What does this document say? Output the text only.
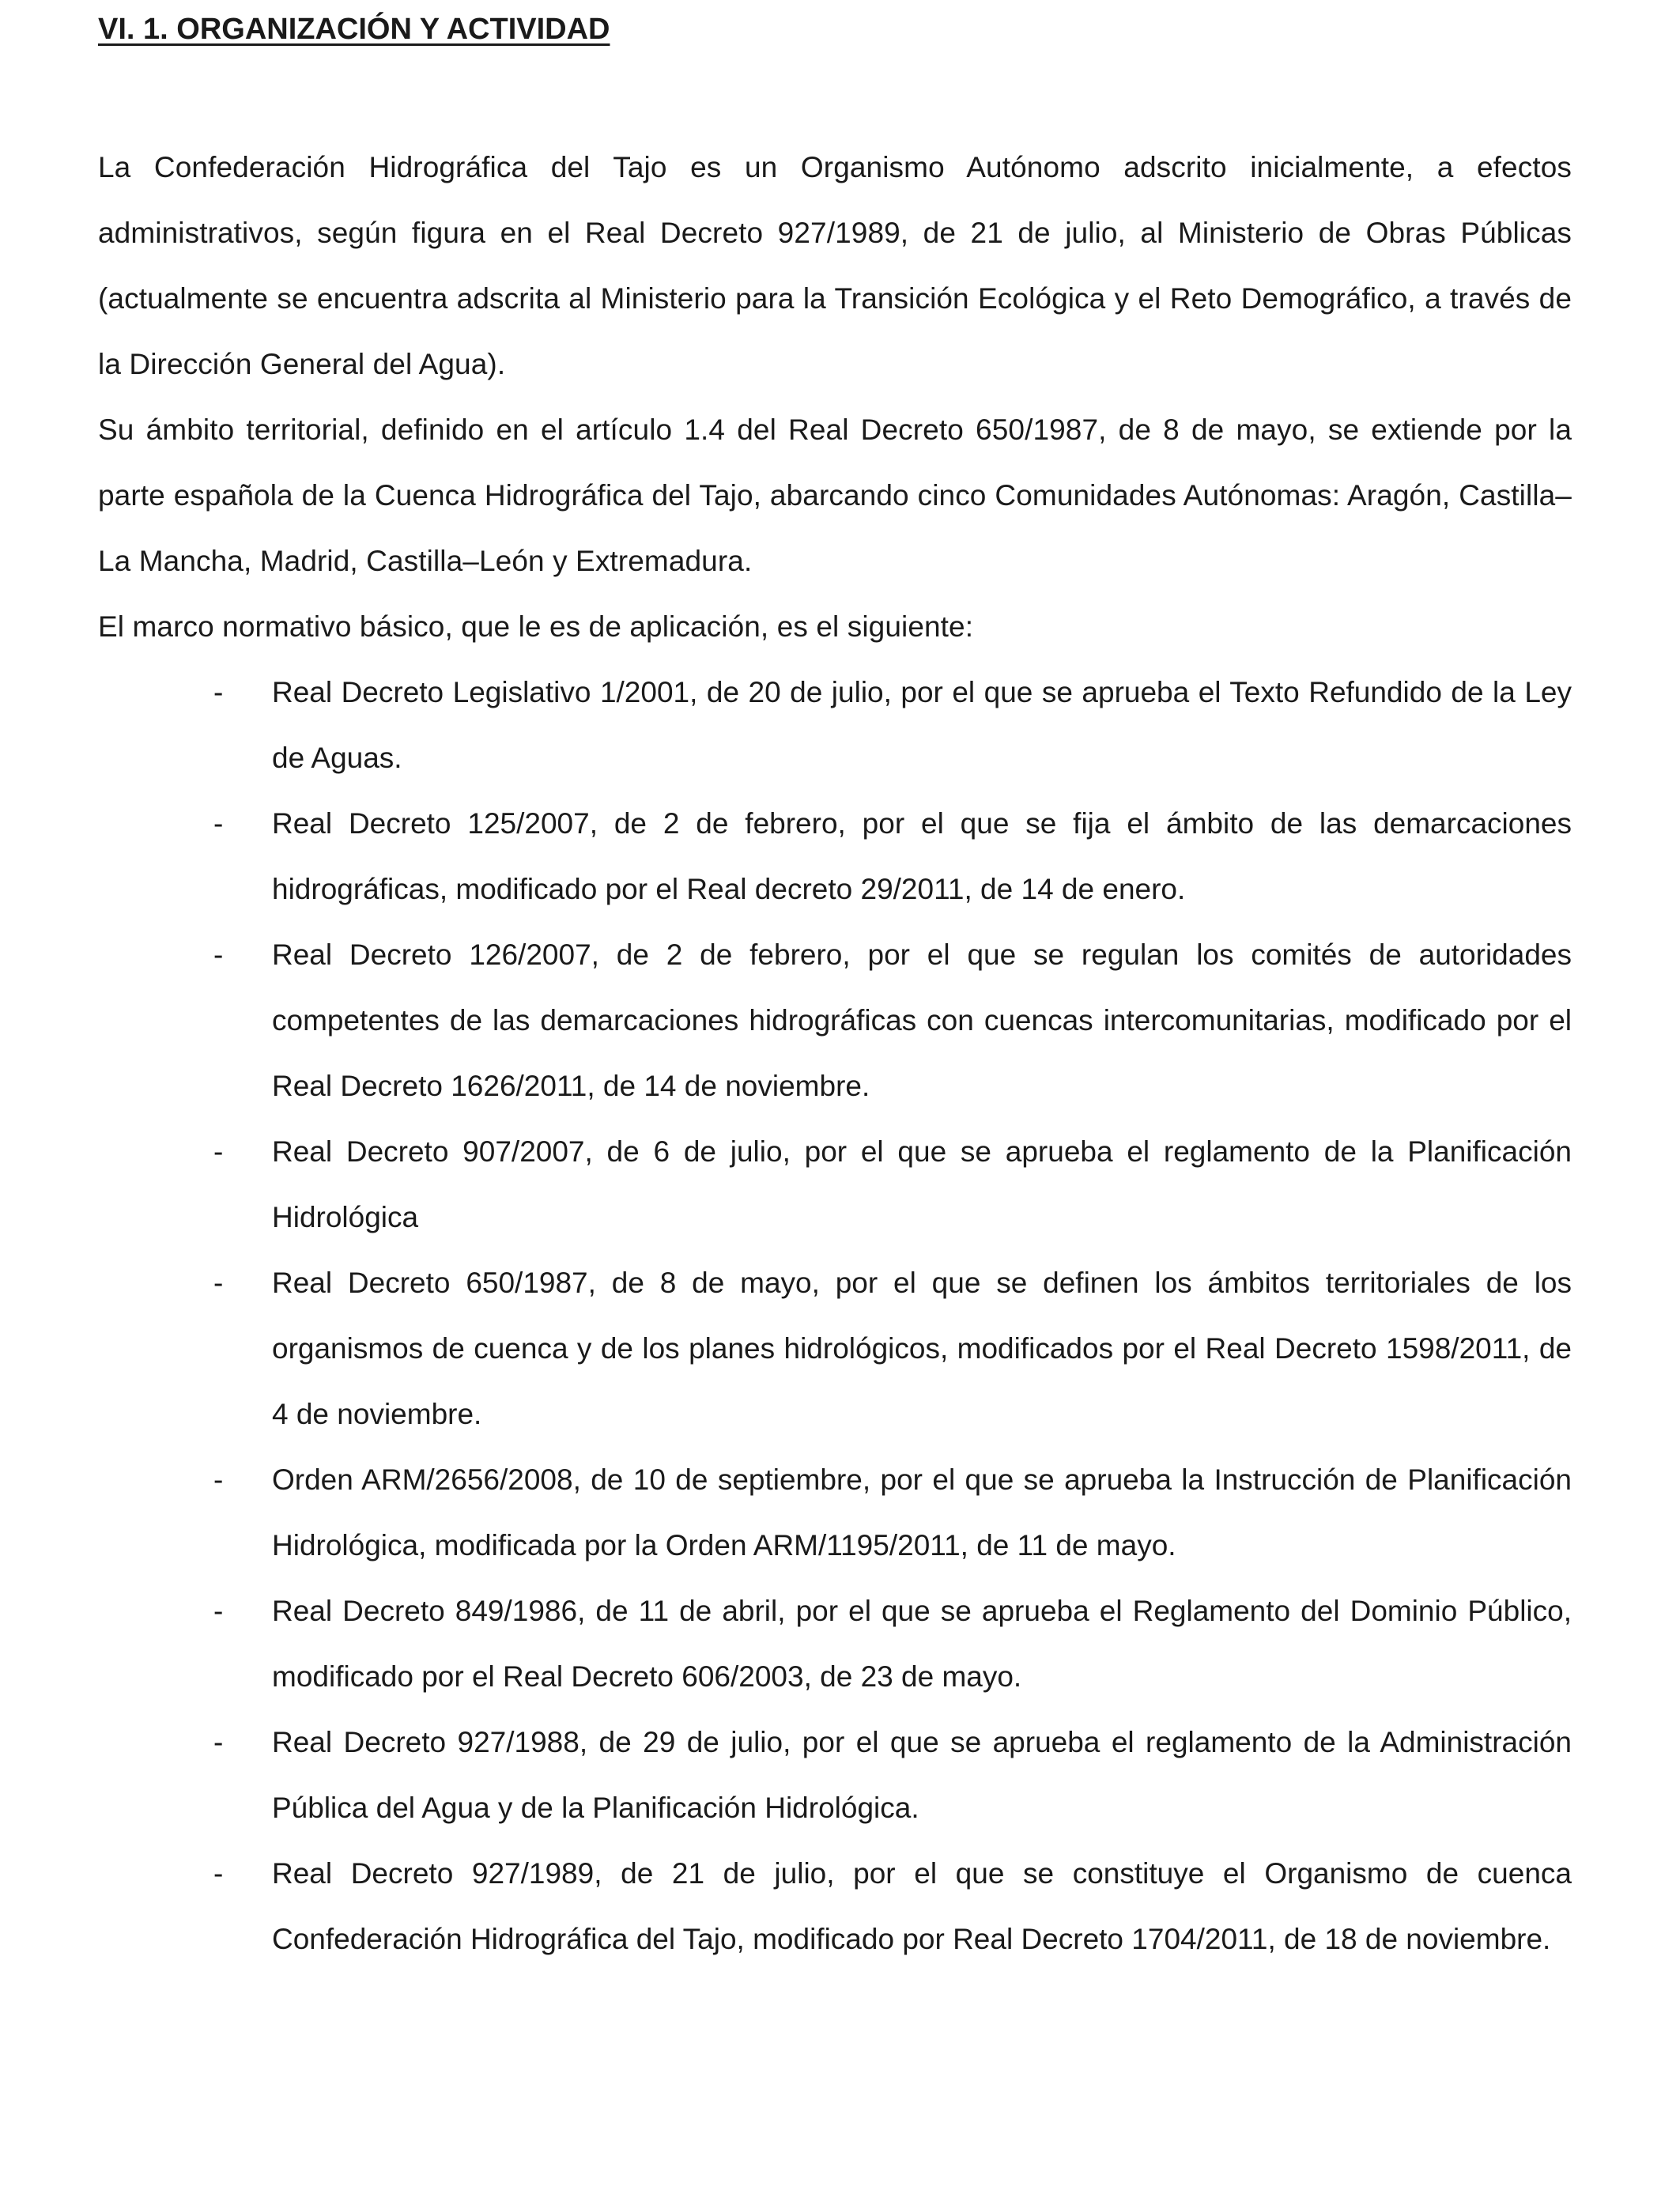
VI. 1. ORGANIZACIÓN Y ACTIVIDAD

La Confederación Hidrográfica del Tajo es un Organismo Autónomo adscrito inicialmente, a efectos administrativos, según figura en el Real Decreto 927/1989, de 21 de julio, al Ministerio de Obras Públicas (actualmente se encuentra adscrita al Ministerio para la Transición Ecológica y el Reto Demográfico, a través de la Dirección General del Agua).

Su ámbito territorial, definido en el artículo 1.4 del Real Decreto 650/1987, de 8 de mayo, se extiende por la parte española de la Cuenca Hidrográfica del Tajo, abarcando cinco Comunidades Autónomas: Aragón, Castilla–La Mancha, Madrid, Castilla–León y Extremadura.

El marco normativo básico, que le es de aplicación, es el siguiente:

- Real Decreto Legislativo 1/2001, de 20 de julio, por el que se aprueba el Texto Refundido de la Ley de Aguas.
- Real Decreto 125/2007, de 2 de febrero, por el que se fija el ámbito de las demarcaciones hidrográficas, modificado por el Real decreto 29/2011, de 14 de enero.
- Real Decreto 126/2007, de 2 de febrero, por el que se regulan los comités de autoridades competentes de las demarcaciones hidrográficas con cuencas intercomunitarias, modificado por el Real Decreto 1626/2011, de 14 de noviembre.
- Real Decreto 907/2007, de 6 de julio, por el que se aprueba el reglamento de la Planificación Hidrológica
- Real Decreto 650/1987, de 8 de mayo, por el que se definen los ámbitos territoriales de los organismos de cuenca y de los planes hidrológicos, modificados por el Real Decreto 1598/2011, de 4 de noviembre.
- Orden ARM/2656/2008, de 10 de septiembre, por el que se aprueba la Instrucción de Planificación Hidrológica, modificada por la Orden ARM/1195/2011, de 11 de mayo.
- Real Decreto 849/1986, de 11 de abril, por el que se aprueba el Reglamento del Dominio Público, modificado por el Real Decreto 606/2003, de 23 de mayo.
- Real Decreto 927/1988, de 29 de julio, por el que se aprueba el reglamento de la Administración Pública del Agua y de la Planificación Hidrológica.
- Real Decreto 927/1989, de 21 de julio, por el que se constituye el Organismo de cuenca Confederación Hidrográfica del Tajo, modificado por Real Decreto 1704/2011, de 18 de noviembre.
